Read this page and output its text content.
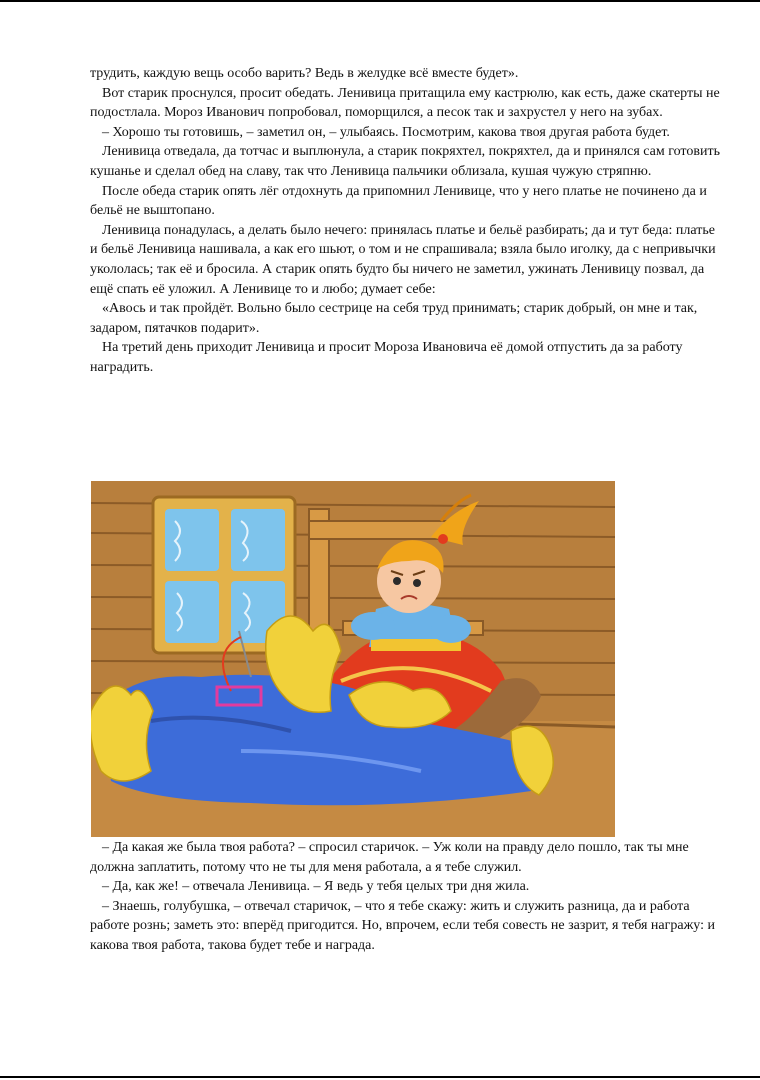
трудить, каждую вещь особо варить? Ведь в желудке всё вместе будет».

Вот старик проснулся, просит обедать. Ленивица притащила ему кастрюлю, как есть, даже скатерты не подостлала. Мороз Иванович попробовал, поморщился, а песок так и захрустел у него на зубах.

– Хорошо ты готовишь, – заметил он, – улыбаясь. Посмотрим, какова твоя другая работа будет.

Ленивица отведала, да тотчас и выплюнула, а старик покряхтел, покряхтел, да и принялся сам готовить кушанье и сделал обед на славу, так что Ленивица пальчики облизала, кушая чужую стряпню.

После обеда старик опять лёг отдохнуть да припомнил Ленивице, что у него платье не починено да и бельё не выштопано.

Ленивица понадулась, а делать было нечего: принялась платье и бельё разбирать; да и тут беда: платье и бельё Ленивица нашивала, а как его шьют, о том и не спрашивала; взяла было иголку, да с непривычки укололась; так её и бросила. А старик опять будто бы ничего не заметил, ужинать Ленивицу позвал, да ещё спать её уложил. А Ленивице то и любо; думает себе:

«Авось и так пройдёт. Вольно было сестрице на себя труд принимать; старик добрый, он мне и так, задаром, пятачков подарит».

На третий день приходит Ленивица и просит Мороза Ивановича её домой отпустить да за работу наградить.

– Да какая же была твоя работа? – спросил старичок. – Уж коли на правду дело пошло, так ты мне должна заплатить, потому что не ты для меня работала, а я тебе служил.

– Да, как же! – отвечала Ленивица. – Я ведь у тебя целых три дня жила.

– Знаешь, голубушка, – отвечал старичок, – что я тебе скажу: жить и служить разница, да и работа работе рознь; заметь это: вперёд пригодится. Но, впрочем, если тебя совесть не зазрит, я тебя награжу: и какова твоя работа, такова будет тебе и награда.
